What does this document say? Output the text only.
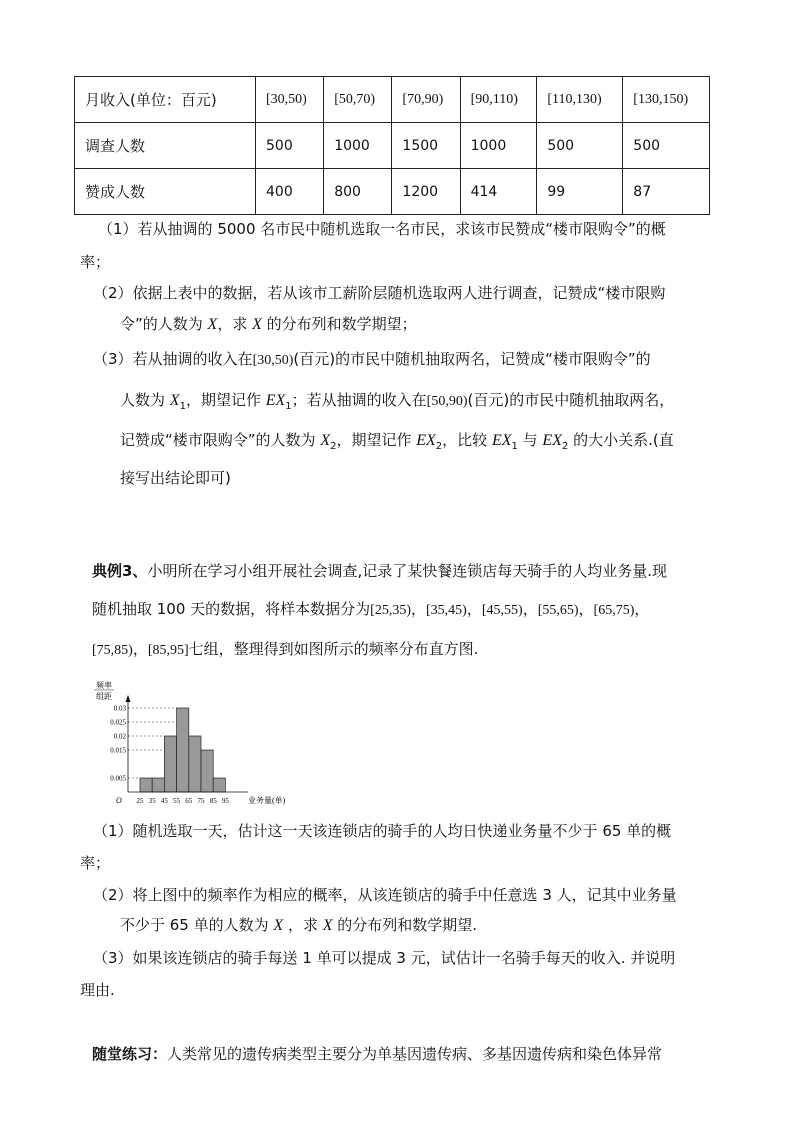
月收入(单位：百元)	[30,50)	[50,70)	[70,90)	[90,110)	[110,130)	[130,150)
调查人数	500	1000	1500	1000	500	500
赞成人数	400	800	1200	414	99	87
（1）若从抽调的 5000 名市民中随机选取一名市民，求该市民赞成“楼市限购令”的概
率；
（2）依据上表中的数据，若从该市工薪阶层随机选取两人进行调查，记赞成“楼市限购
令”的人数为 X，求 X 的分布列和数学期望；
（3）若从抽调的收入在[30,50)(百元)的市民中随机抽取两名，记赞成“楼市限购令”的
人数为 $X_1$，期望记作 $EX_1$；若从抽调的收入在[50,90)(百元)的市民中随机抽取两名，
记赞成“楼市限购令”的人数为 $X_2$，期望记作 $EX_2$，比较 $EX_1$ 与 $EX_2$ 的大小关系.(直
接写出结论即可)
典例3、小明所在学习小组开展社会调查,记录了某快餐连锁店每天骑手的人均业务量.现
随机抽取 100 天的数据，将样本数据分为[25,35)，[35,45)，[45,55)，[55,65)，[65,75)，
[75,85)，[85,95]七组，整理得到如图所示的频率分布直方图.
频率
组距
0.005
0.015
0.02
0.025
0.03
25 35 45 55 65 75 85 95
O	业务量(单)
（1）随机选取一天，估计这一天该连锁店的骑手的人均日快递业务量不少于 65 单的概
率；
（2）将上图中的频率作为相应的概率，从该连锁店的骑手中任意选 3 人，记其中业务量
不少于 65 单的人数为 X ，求 X 的分布列和数学期望.
（3）如果该连锁店的骑手每送 1 单可以提成 3 元，试估计一名骑手每天的收入. 并说明
理由.
随堂练习：人类常见的遗传病类型主要分为单基因遗传病、多基因遗传病和染色体异常
